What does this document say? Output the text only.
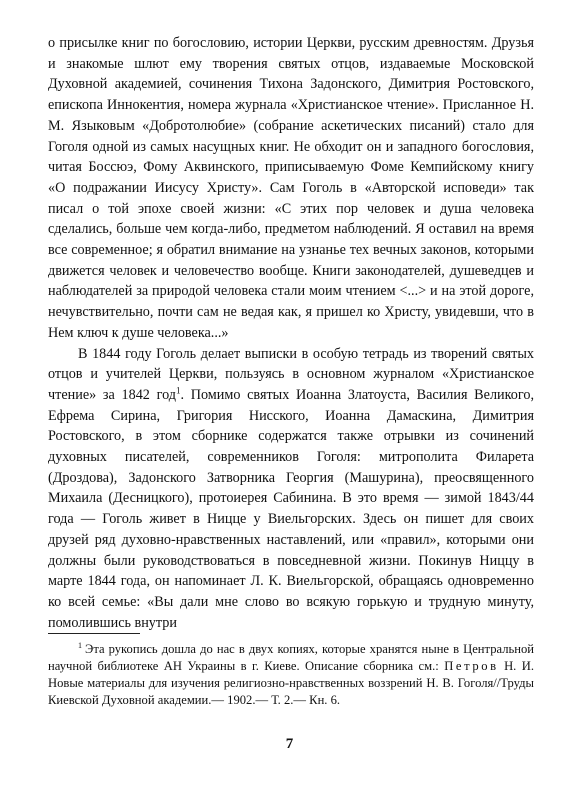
о присылке книг по богословию, истории Церкви, русским древностям. Друзья и знакомые шлют ему творения святых отцов, издаваемые Московской Духовной академией, сочинения Тихона Задонского, Димитрия Ростовского, епископа Иннокентия, номера журнала «Христианское чтение». Присланное Н. М. Языковым «Добротолюбие» (собрание аскетических писаний) стало для Гоголя одной из самых насущных книг. Не обходит он и западного богословия, читая Боссюэ, Фому Аквинского, приписываемую Фоме Кемпийскому книгу «О подражании Иисусу Христу». Сам Гоголь в «Авторской исповеди» так писал о той эпохе своей жизни: «С этих пор человек и душа человека сделались, больше чем когда-либо, предметом наблюдений. Я оставил на время все современное; я обратил внимание на узнанье тех вечных законов, которыми движется человек и человечество вообще. Книги законодателей, душеведцев и наблюдателей за природой человека стали моим чтением <...> и на этой дороге, нечувствительно, почти сам не ведая как, я пришел ко Христу, увидевши, что в Нем ключ к душе человека...»

В 1844 году Гоголь делает выписки в особую тетрадь из творений святых отцов и учителей Церкви, пользуясь в основном журналом «Христианское чтение» за 1842 год$^1$. Помимо святых Иоанна Златоуста, Василия Великого, Ефрема Сирина, Григория Нисского, Иоанна Дамаскина, Димитрия Ростовского, в этом сборнике содержатся также отрывки из сочинений духовных писателей, современников Гоголя: митрополита Филарета (Дроздова), Задонского Затворника Георгия (Машурина), преосвященного Михаила (Десницкого), протоиерея Сабинина. В это время — зимой 1843/44 года — Гоголь живет в Ницце у Виельгорских. Здесь он пишет для своих друзей ряд духовно-нравственных наставлений, или «правил», которыми они должны были руководствоваться в повседневной жизни. Покинув Ниццу в марте 1844 года, он напоминает Л. К. Виельгорской, обращаясь одновременно ко всей семье: «Вы дали мне слово во всякую горькую и трудную минуту, помолившись внутри

$^1$ Эта рукопись дошла до нас в двух копиях, которые хранятся ныне в Центральной научной библиотеке АН Украины в г. Киеве. Описание сборника см.: Петров Н. И. Новые материалы для изучения религиозно-нравственных воззрений Н. В. Гоголя//Труды Киевской Духовной академии.— 1902.— Т. 2.— Кн. 6.

7
